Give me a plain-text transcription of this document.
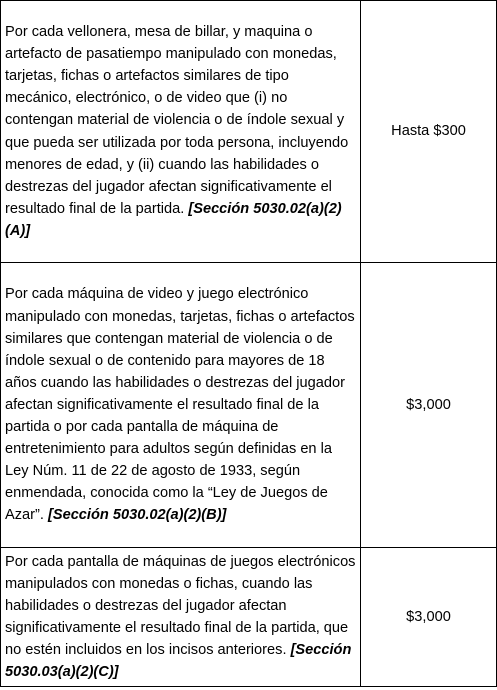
Por cada vellonera, mesa de billar, y maquina o artefacto de pasatiempo manipulado con monedas, tarjetas, fichas o artefactos similares de tipo mecánico, electrónico, o de video que (i) no contengan material de violencia o de índole sexual y que pueda ser utilizada por toda persona, incluyendo menores de edad, y (ii) cuando las habilidades o destrezas del jugador afectan significativamente el resultado final de la partida. [Sección 5030.02(a)(2)(A)]	Hasta $300
Por cada máquina de video y juego electrónico manipulado con monedas, tarjetas, fichas o artefactos similares que contengan material de violencia o de índole sexual o de contenido para mayores de 18 años cuando las habilidades o destrezas del jugador afectan significativamente el resultado final de la partida o por cada pantalla de máquina de entretenimiento para adultos según definidas en la Ley Núm. 11 de 22 de agosto de 1933, según enmendada, conocida como la “Ley de Juegos de Azar”. [Sección 5030.02(a)(2)(B)]	$3,000
Por cada pantalla de máquinas de juegos electrónicos manipulados con monedas o fichas, cuando las habilidades o destrezas del jugador afectan significativamente el resultado final de la partida, que no estén incluidos en los incisos anteriores. [Sección 5030.03(a)(2)(C)]	$3,000
